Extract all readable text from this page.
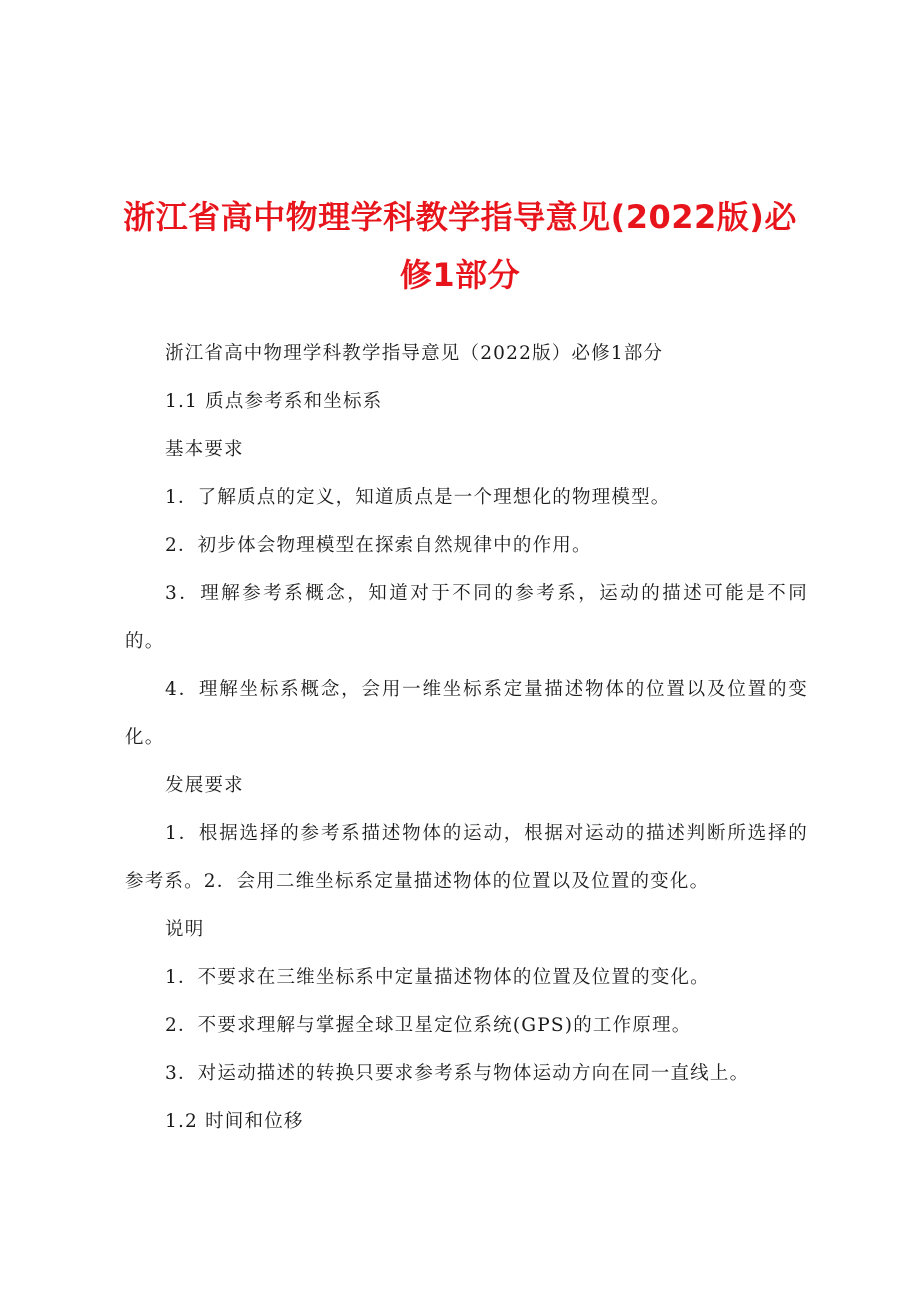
浙江省高中物理学科教学指导意见(2022版)必修1部分

浙江省高中物理学科教学指导意见（2022版）必修1部分

1.1 质点参考系和坐标系

基本要求

1．了解质点的定义，知道质点是一个理想化的物理模型。

2．初步体会物理模型在探索自然规律中的作用。

3．理解参考系概念，知道对于不同的参考系，运动的描述可能是不同的。

4．理解坐标系概念，会用一维坐标系定量描述物体的位置以及位置的变化。

发展要求

1．根据选择的参考系描述物体的运动，根据对运动的描述判断所选择的参考系。2．会用二维坐标系定量描述物体的位置以及位置的变化。

说明

1．不要求在三维坐标系中定量描述物体的位置及位置的变化。

2．不要求理解与掌握全球卫星定位系统(GPS)的工作原理。

3．对运动描述的转换只要求参考系与物体运动方向在同一直线上。

1.2 时间和位移
